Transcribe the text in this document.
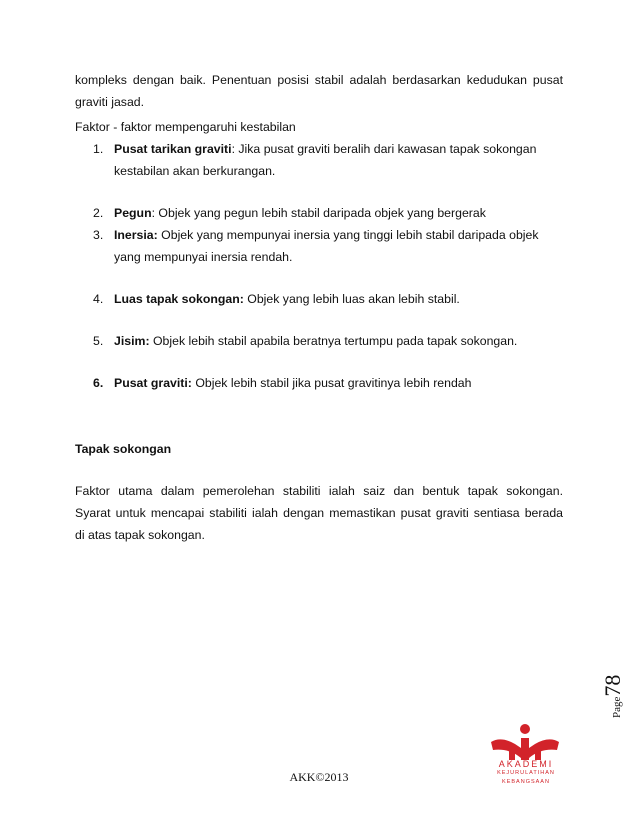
kompleks dengan baik. Penentuan posisi stabil adalah berdasarkan kedudukan pusat
graviti jasad.
Faktor - faktor mempengaruhi kestabilan
1. Pusat tarikan graviti: Jika pusat graviti beralih dari kawasan tapak sokongan kestabilan akan berkurangan.
2. Pegun: Objek yang pegun lebih stabil daripada objek yang bergerak
3. Inersia: Objek yang mempunyai inersia yang tinggi lebih stabil daripada objek yang mempunyai inersia rendah.
4. Luas tapak sokongan: Objek yang lebih luas akan lebih stabil.
5. Jisim: Objek lebih stabil apabila beratnya tertumpu pada tapak sokongan.
6. Pusat graviti: Objek lebih stabil jika pusat gravitinya lebih rendah
Tapak sokongan
Faktor utama dalam pemerolehan stabiliti ialah saiz dan bentuk tapak sokongan.
Syarat untuk mencapai stabiliti ialah dengan memastikan pusat graviti sentiasa berada
di atas tapak sokongan.
Page78
AKADEMI
KEJURULATIHAN
KEBANGSAAN
AKK©2013
